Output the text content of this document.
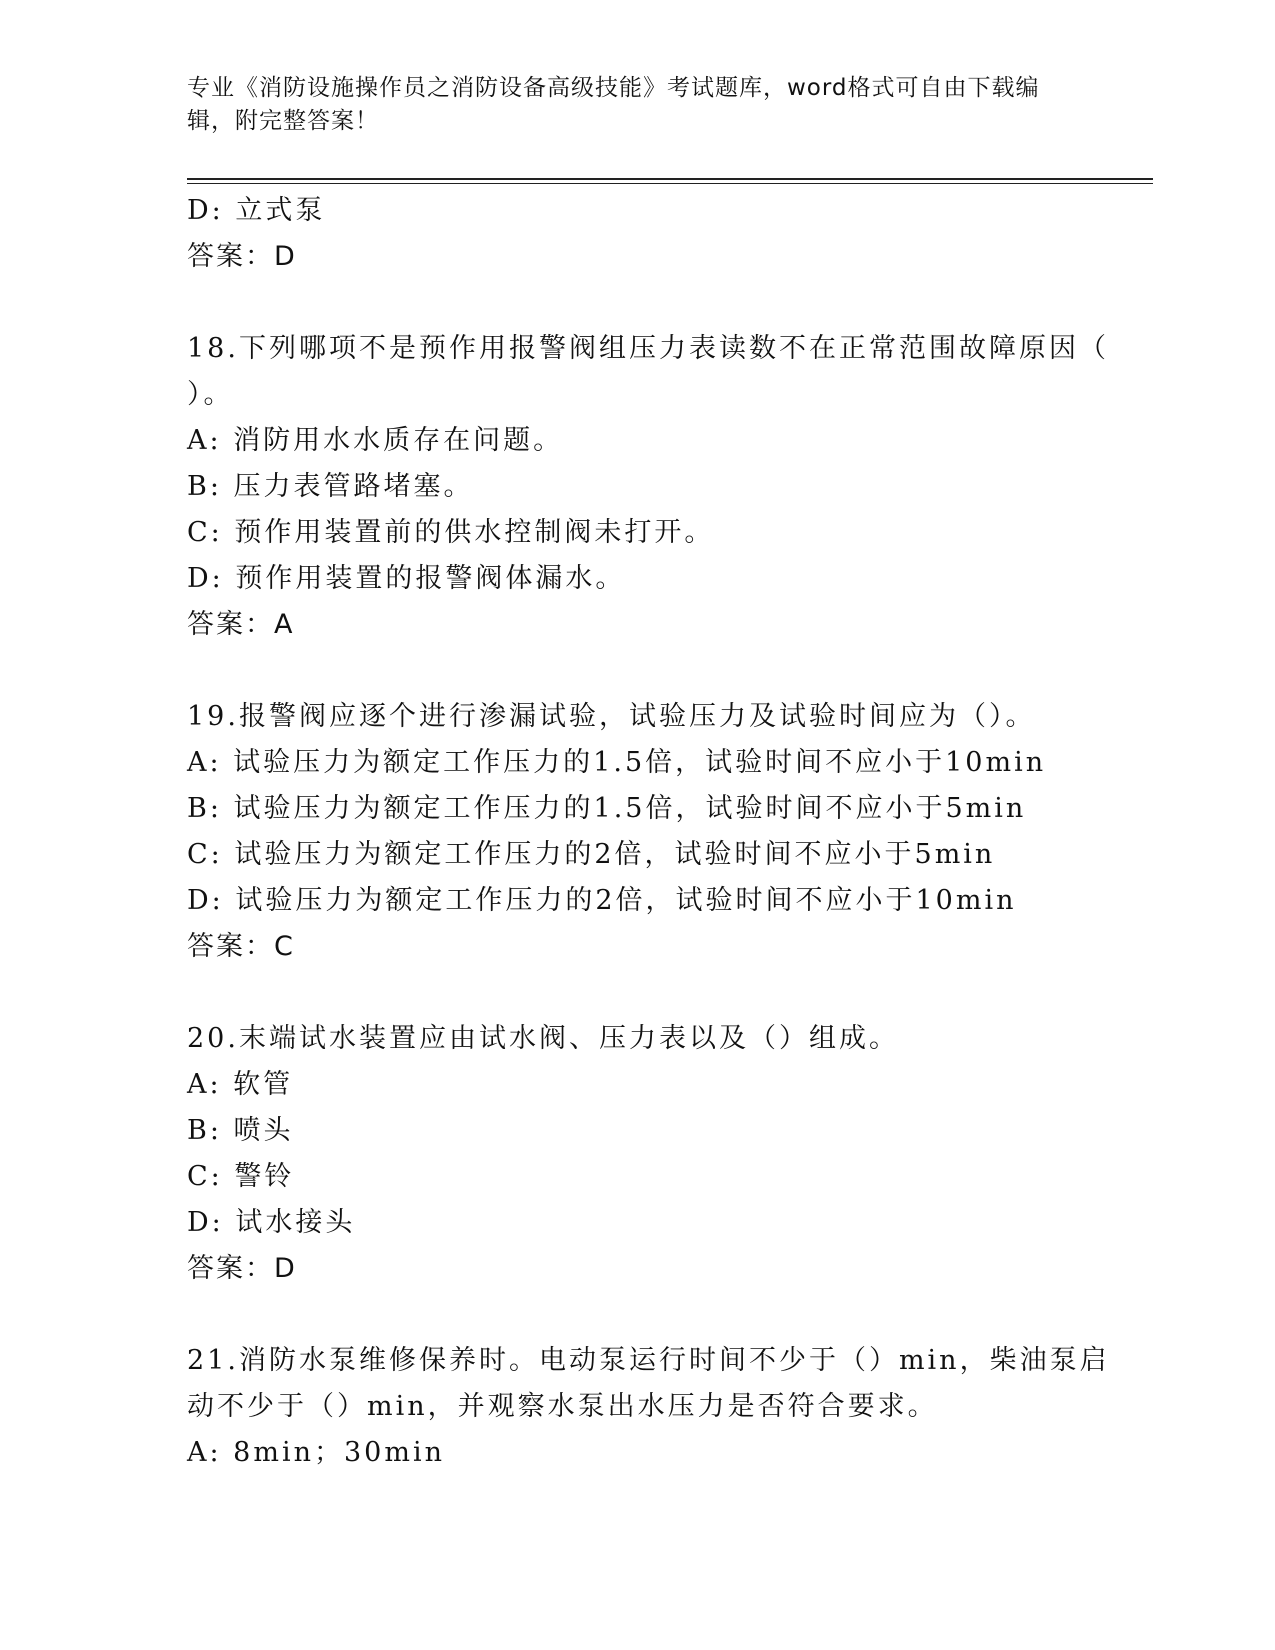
专业《消防设施操作员之消防设备高级技能》考试题库，word格式可自由下载编
辑，附完整答案！
D: 立式泵
答案：D
18.下列哪项不是预作用报警阀组压力表读数不在正常范围故障原因（
）。
A: 消防用水水质存在问题。
B: 压力表管路堵塞。
C: 预作用装置前的供水控制阀未打开。
D: 预作用装置的报警阀体漏水。
答案：A
19.报警阀应逐个进行渗漏试验，试验压力及试验时间应为（）。
A: 试验压力为额定工作压力的1.5倍，试验时间不应小于10min
B: 试验压力为额定工作压力的1.5倍，试验时间不应小于5min
C: 试验压力为额定工作压力的2倍，试验时间不应小于5min
D: 试验压力为额定工作压力的2倍，试验时间不应小于10min
答案：C
20.末端试水装置应由试水阀、压力表以及（）组成。
A: 软管
B: 喷头
C: 警铃
D: 试水接头
答案：D
21.消防水泵维修保养时。电动泵运行时间不少于（）min，柴油泵启
动不少于（）min，并观察水泵出水压力是否符合要求。
A: 8min；30min
